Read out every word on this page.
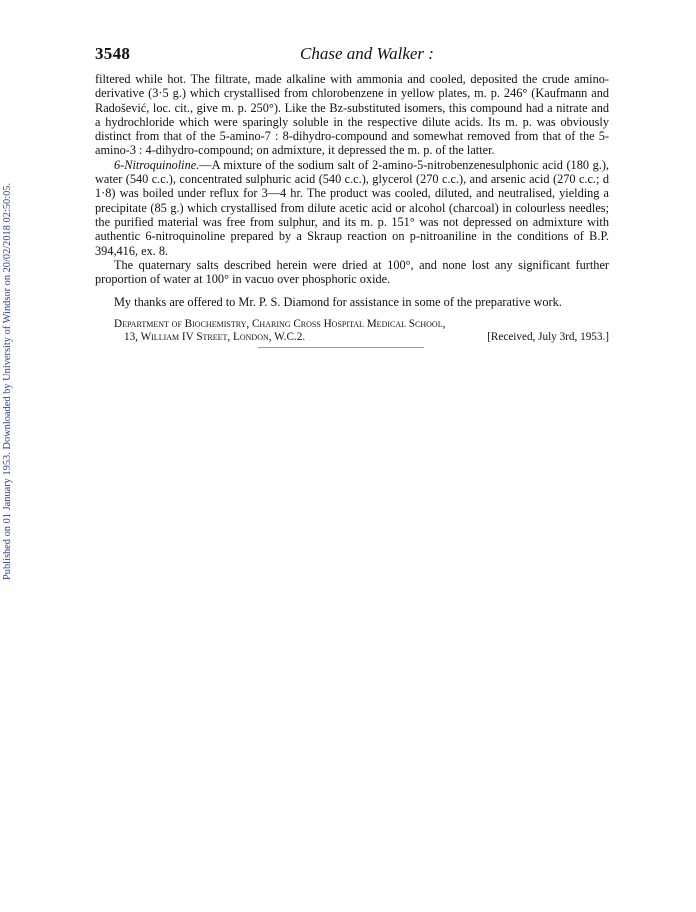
Published on 01 January 1953. Downloaded by University of Windsor on 20/02/2018 02:50:05.
3548	Chase and Walker :

filtered while hot. The filtrate, made alkaline with ammonia and cooled, deposited the crude amino-derivative (3·5 g.) which crystallised from chlorobenzene in yellow plates, m. p. 246° (Kaufmann and Radošević, loc. cit., give m. p. 250°). Like the Bz-substituted isomers, this compound had a nitrate and a hydrochloride which were sparingly soluble in the respective dilute acids. Its m. p. was obviously distinct from that of the 5-amino-7 : 8-dihydro-compound and somewhat removed from that of the 5-amino-3 : 4-dihydro-compound; on admixture, it depressed the m. p. of the latter.

6-Nitroquinoline.—A mixture of the sodium salt of 2-amino-5-nitrobenzenesulphonic acid (180 g.), water (540 c.c.), concentrated sulphuric acid (540 c.c.), glycerol (270 c.c.), and arsenic acid (270 c.c.; d 1·8) was boiled under reflux for 3—4 hr. The product was cooled, diluted, and neutralised, yielding a precipitate (85 g.) which crystallised from dilute acetic acid or alcohol (charcoal) in colourless needles; the purified material was free from sulphur, and its m. p. 151° was not depressed on admixture with authentic 6-nitroquinoline prepared by a Skraup reaction on p-nitroaniline in the conditions of B.P. 394,416, ex. 8.

The quaternary salts described herein were dried at 100°, and none lost any significant further proportion of water at 100° in vacuo over phosphoric oxide.

My thanks are offered to Mr. P. S. Diamond for assistance in some of the preparative work.

Department of Biochemistry, Charing Cross Hospital Medical School,
13, William IV Street, London, W.C.2.	[Received, July 3rd, 1953.]
